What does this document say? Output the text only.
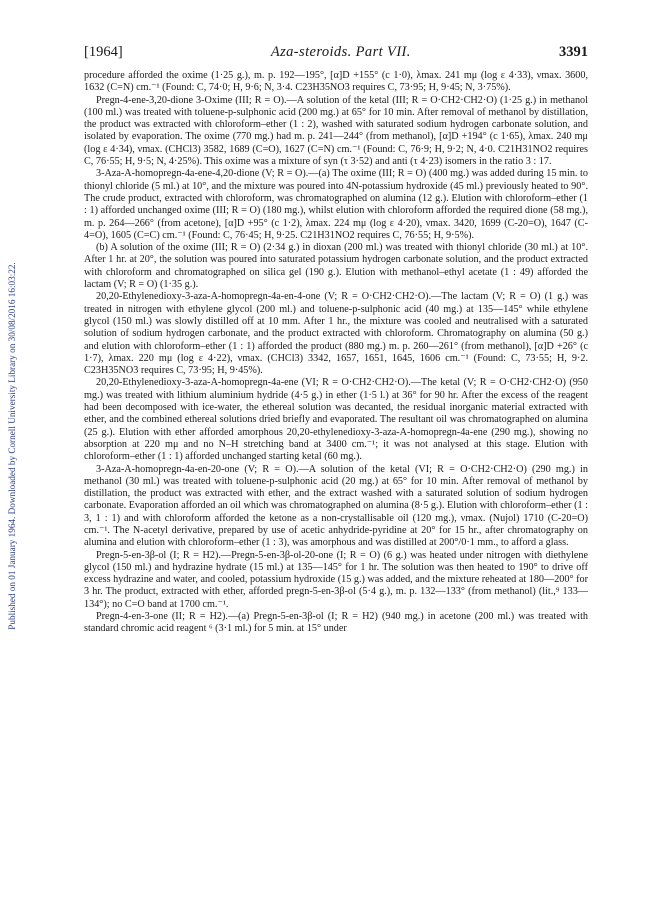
Published on 01 January 1964. Downloaded by Cornell University Library on 30/08/2016 16:03:22.
[1964]	Aza-steroids. Part VII.	3391

procedure afforded the oxime (1·25 g.), m. p. 192—195°, [α]D +155° (c 1·0), λmax. 241 mμ (log ε 4·33), νmax. 3600, 1632 (C=N) cm.⁻¹ (Found: C, 74·0; H, 9·6; N, 3·4. C23H35NO3 requires C, 73·95; H, 9·45; N, 3·75%).

Pregn-4-ene-3,20-dione 3-Oxime (III; R = O).—A solution of the ketal (III; R = O·CH2·CH2·O) (1·25 g.) in methanol (100 ml.) was treated with toluene-p-sulphonic acid (200 mg.) at 65° for 10 min. After removal of methanol by distillation, the product was extracted with chloroform–ether (1 : 2), washed with saturated sodium hydrogen carbonate solution, and isolated by evaporation. The oxime (770 mg.) had m. p. 241—244° (from methanol), [α]D +194° (c 1·65), λmax. 240 mμ (log ε 4·34), νmax. (CHCl3) 3582, 1689 (C=O), 1627 (C=N) cm.⁻¹ (Found: C, 76·9; H, 9·2; N, 4·0. C21H31NO2 requires C, 76·55; H, 9·5; N, 4·25%). This oxime was a mixture of syn (τ 3·52) and anti (τ 4·23) isomers in the ratio 3 : 17.

3-Aza-A-homopregn-4a-ene-4,20-dione (V; R = O).—(a) The oxime (III; R = O) (400 mg.) was added during 15 min. to thionyl chloride (5 ml.) at 10°, and the mixture was poured into 4N-potassium hydroxide (45 ml.) previously heated to 90°. The crude product, extracted with chloroform, was chromatographed on alumina (12 g.). Elution with chloroform–ether (1 : 1) afforded unchanged oxime (III; R = O) (180 mg.), whilst elution with chloroform afforded the required dione (58 mg.), m. p. 264—266° (from acetone), [α]D +95° (c 1·2), λmax. 224 mμ (log ε 4·20), νmax. 3420, 1699 (C-20=O), 1647 (C-4=O), 1605 (C=C) cm.⁻¹ (Found: C, 76·45; H, 9·25. C21H31NO2 requires C, 76·55; H, 9·5%).

(b) A solution of the oxime (III; R = O) (2·34 g.) in dioxan (200 ml.) was treated with thionyl chloride (30 ml.) at 10°. After 1 hr. at 20°, the solution was poured into saturated potassium hydrogen carbonate solution, and the product extracted with chloroform and chromatographed on silica gel (190 g.). Elution with methanol–ethyl acetate (1 : 49) afforded the lactam (V; R = O) (1·35 g.).

20,20-Ethylenedioxy-3-aza-A-homopregn-4a-en-4-one (V; R = O·CH2·CH2·O).—The lactam (V; R = O) (1 g.) was treated in nitrogen with ethylene glycol (200 ml.) and toluene-p-sulphonic acid (40 mg.) at 135—145° while ethylene glycol (150 ml.) was slowly distilled off at 10 mm. After 1 hr., the mixture was cooled and neutralised with a saturated solution of sodium hydrogen carbonate, and the product extracted with chloroform. Chromatography on alumina (50 g.) and elution with chloroform–ether (1 : 1) afforded the product (880 mg.) m. p. 260—261° (from methanol), [α]D +26° (c 1·7), λmax. 220 mμ (log ε 4·22), νmax. (CHCl3) 3342, 1657, 1651, 1645, 1606 cm.⁻¹ (Found: C, 73·55; H, 9·2. C23H35NO3 requires C, 73·95; H, 9·45%).

20,20-Ethylenedioxy-3-aza-A-homopregn-4a-ene (VI; R = O·CH2·CH2·O).—The ketal (V; R = O·CH2·CH2·O) (950 mg.) was treated with lithium aluminium hydride (4·5 g.) in ether (1·5 l.) at 36° for 90 hr. After the excess of the reagent had been decomposed with ice-water, the ethereal solution was decanted, the residual inorganic material extracted with ether, and the combined ethereal solutions dried briefly and evaporated. The resultant oil was chromatographed on alumina (25 g.). Elution with ether afforded amorphous 20,20-ethylenedioxy-3-aza-A-homopregn-4a-ene (290 mg.), showing no absorption at 220 mμ and no N–H stretching band at 3400 cm.⁻¹; it was not analysed at this stage. Elution with chloroform–ether (1 : 1) afforded unchanged starting ketal (60 mg.).

3-Aza-A-homopregn-4a-en-20-one (V; R = O).—A solution of the ketal (VI; R = O·CH2·CH2·O) (290 mg.) in methanol (30 ml.) was treated with toluene-p-sulphonic acid (20 mg.) at 65° for 10 min. After removal of methanol by distillation, the product was extracted with ether, and the extract washed with a saturated solution of sodium hydrogen carbonate. Evaporation afforded an oil which was chromatographed on alumina (8·5 g.). Elution with chloroform–ether (1 : 3, 1 : 1) and with chloroform afforded the ketone as a non-crystallisable oil (120 mg.), νmax. (Nujol) 1710 (C-20=O) cm.⁻¹. The N-acetyl derivative, prepared by use of acetic anhydride-pyridine at 20° for 15 hr., after chromatography on alumina and elution with chloroform–ether (1 : 3), was amorphous and was distilled at 200°/0·1 mm., to afford a glass.

Pregn-5-en-3β-ol (I; R = H2).—Pregn-5-en-3β-ol-20-one (I; R = O) (6 g.) was heated under nitrogen with diethylene glycol (150 ml.) and hydrazine hydrate (15 ml.) at 135—145° for 1 hr. The solution was then heated to 190° to drive off excess hydrazine and water, and cooled, potassium hydroxide (15 g.) was added, and the mixture reheated at 180—200° for 3 hr. The product, extracted with ether, afforded pregn-5-en-3β-ol (5·4 g.), m. p. 132—133° (from methanol) (lit.,⁹ 133—134°); no C=O band at 1700 cm.⁻¹.

Pregn-4-en-3-one (II; R = H2).—(a) Pregn-5-en-3β-ol (I; R = H2) (940 mg.) in acetone (200 ml.) was treated with standard chromic acid reagent ⁶ (3·1 ml.) for 5 min. at 15° under
